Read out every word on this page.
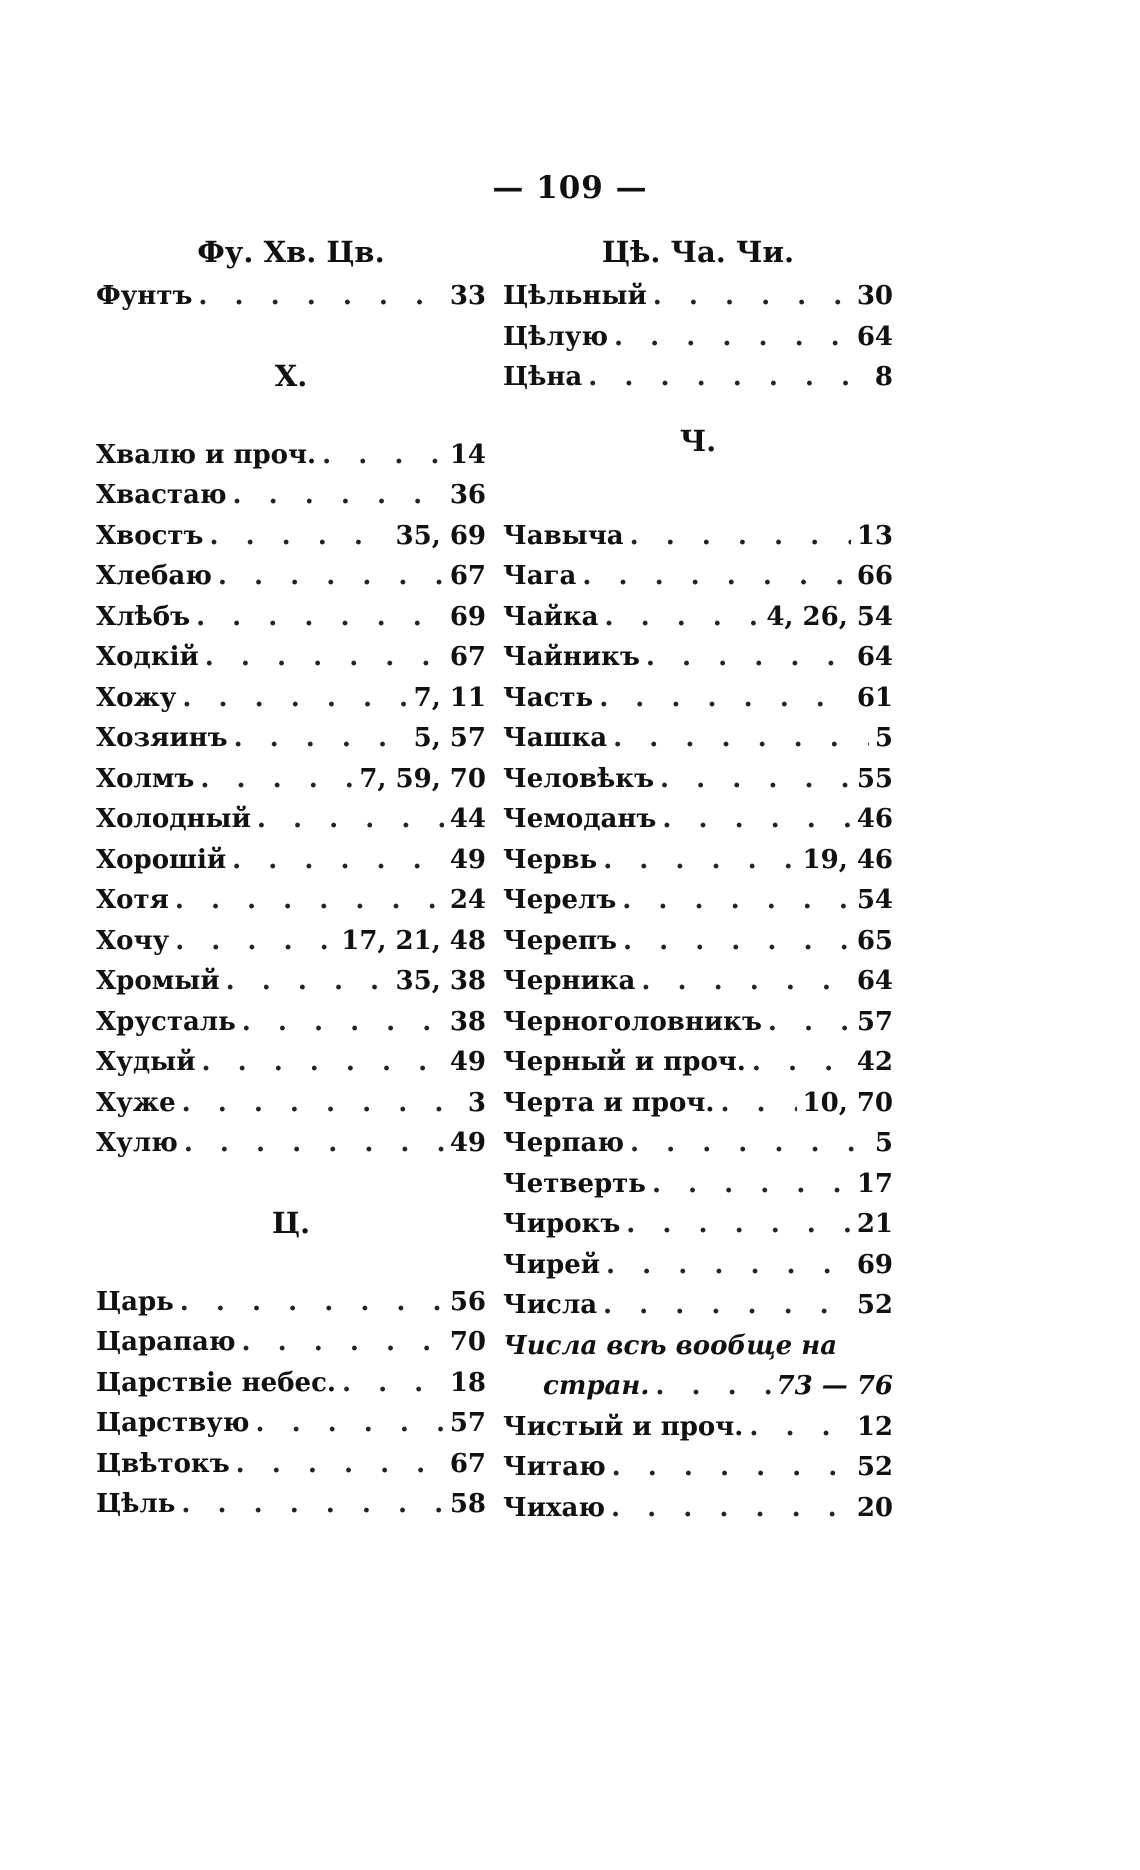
— 109 —
Фу. Хв. Цв.
Фунтъ . . .	33
Х.
Хвалю и проч. . . .	14
Хвастаю . . .	36
Хвостъ . . .	35, 69
Хлебаю . . .	67
Хлѣбъ . . .	69
Ходкій . . .	67
Хожу . . .	7, 11
Хозяинъ . . .	5, 57
Холмъ . . .	7, 59, 70
Холодный . . .	44
Хорошій . . .	49
Хотя . . .	24
Хочу . . .	17, 21, 48
Хромый . . .	35, 38
Хрусталь . . .	38
Худый . . .	49
Хуже . . .	3
Хулю . . .	49
Ц.
Царь . . .	56
Царапаю . . .	70
Царствіе небес. . . .	18
Царствую . . .	57
Цвѣтокъ . . .	67
Цѣль . . .	58
Цѣ. Ча. Чи.
Цѣльный . . .	30
Цѣлую . . .	64
Цѣна . . .	8
Ч.
Чавыча . . .	13
Чага . . .	66
Чайка . . .	4, 26, 54
Чайникъ . . .	64
Часть . . .	61
Чашка . . .	5
Человѣкъ . . .	55
Чемоданъ . . .	46
Червь . . .	19, 46
Черелъ . . .	54
Черепъ . . .	65
Черника . . .	64
Черноголовникъ . . .	57
Черный и проч. . . .	42
Черта и проч. . . .	10, 70
Черпаю . . .	5
Четверть . . .	17
Чирокъ . . .	21
Чирей . . .	69
Числа . . .	52
Числа всѣ вообще на
стран. . . .	73 — 76
Чистый и проч. . . .	12
Читаю . . .	52
Чихаю . . .	20
